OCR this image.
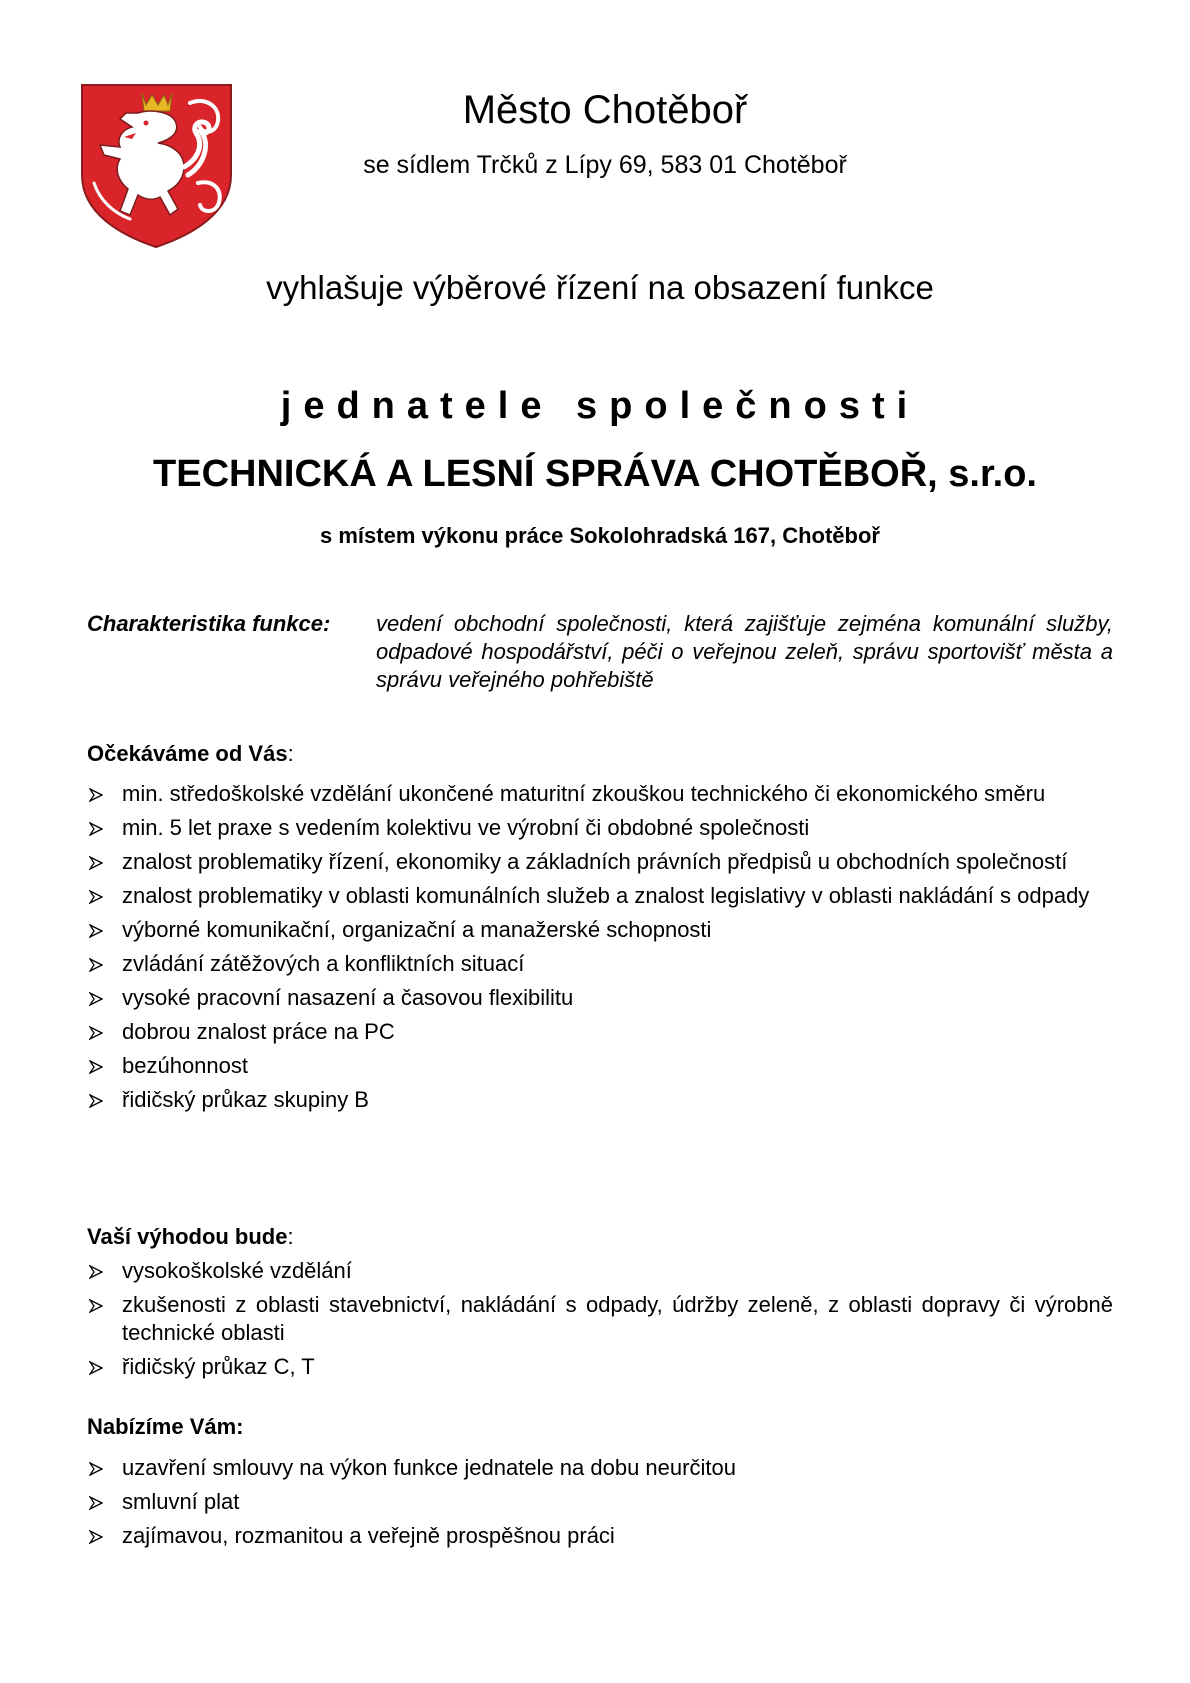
Město Chotěboř
se sídlem Trčků z Lípy 69, 583 01 Chotěboř
vyhlašuje výběrové řízení na obsazení funkce
jednatele společnosti
TECHNICKÁ A LESNÍ SPRÁVA CHOTĚBOŘ, s.r.o.
s místem výkonu práce Sokolohradská 167, Chotěboř
Charakteristika funkce: vedení obchodní společnosti, která zajišťuje zejména komunální služby, odpadové hospodářství, péči o veřejnou zeleň, správu sportovišť města a správu veřejného pohřebiště
Očekáváme od Vás:
min. středoškolské vzdělání ukončené maturitní zkouškou technického či ekonomického směru
min. 5 let praxe s vedením kolektivu ve výrobní či obdobné společnosti
znalost problematiky řízení, ekonomiky a základních právních předpisů u obchodních společností
znalost problematiky v oblasti komunálních služeb a znalost legislativy v oblasti nakládání s odpady
výborné komunikační, organizační a manažerské schopnosti
zvládání zátěžových a konfliktních situací
vysoké pracovní nasazení a časovou flexibilitu
dobrou znalost práce na PC
bezúhonnost
řidičský průkaz skupiny B
Vaší výhodou bude:
vysokoškolské vzdělání
zkušenosti z oblasti stavebnictví, nakládání s odpady, údržby zeleně, z oblasti dopravy či výrobně technické oblasti
řidičský průkaz C, T
Nabízíme Vám:
uzavření smlouvy na výkon funkce jednatele na dobu neurčitou
smluvní plat
zajímavou, rozmanitou a veřejně prospěšnou práci
